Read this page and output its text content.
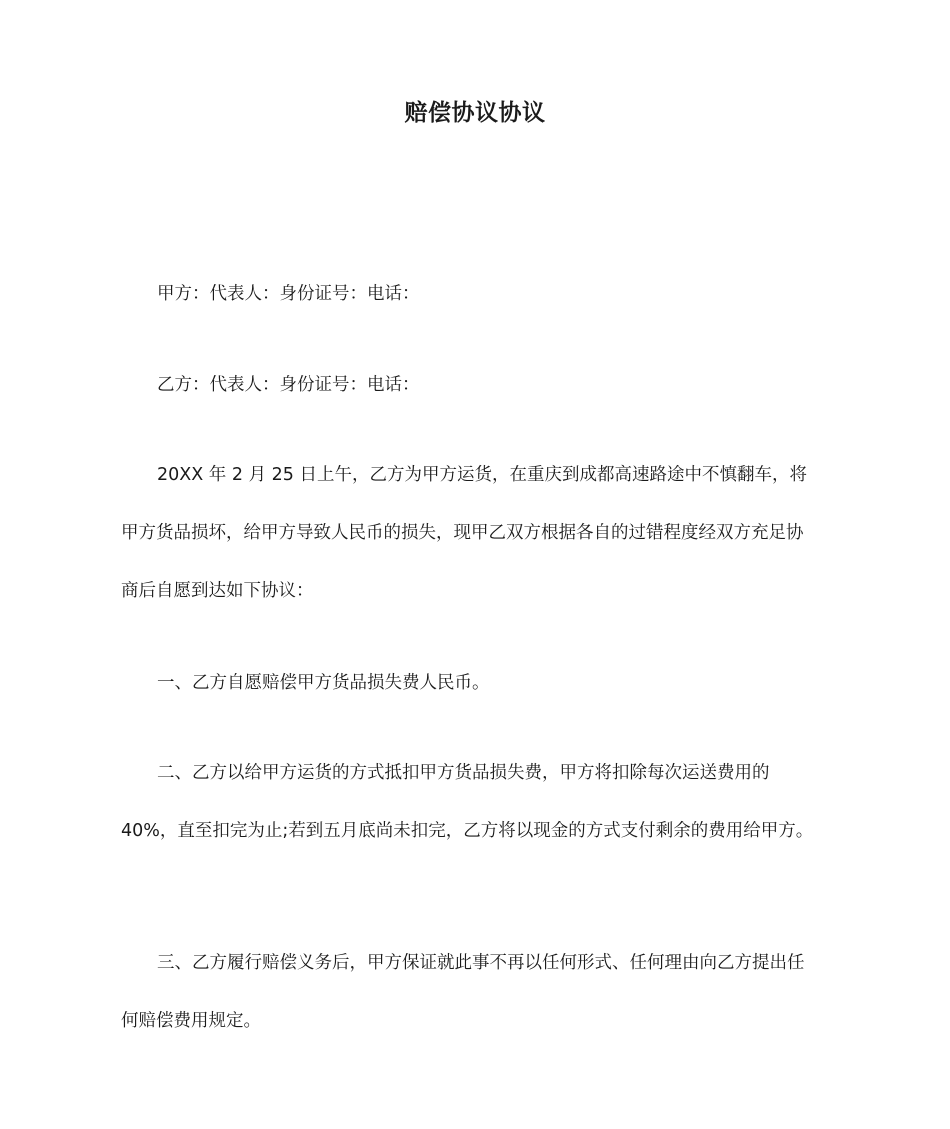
赔偿协议协议

甲方：代表人：身份证号：电话：

乙方：代表人：身份证号：电话：

20XX 年 2 月 25 日上午，乙方为甲方运货，在重庆到成都高速路途中不慎翻车，将
甲方货品损坏，给甲方导致人民币的损失，现甲乙双方根据各自的过错程度经双方充足协
商后自愿到达如下协议：

一、乙方自愿赔偿甲方货品损失费人民币。

二、乙方以给甲方运货的方式抵扣甲方货品损失费，甲方将扣除每次运送费用的
40%，直至扣完为止;若到五月底尚未扣完，乙方将以现金的方式支付剩余的费用给甲方。
三、乙方履行赔偿义务后，甲方保证就此事不再以任何形式、任何理由向乙方提出任
何赔偿费用规定。
